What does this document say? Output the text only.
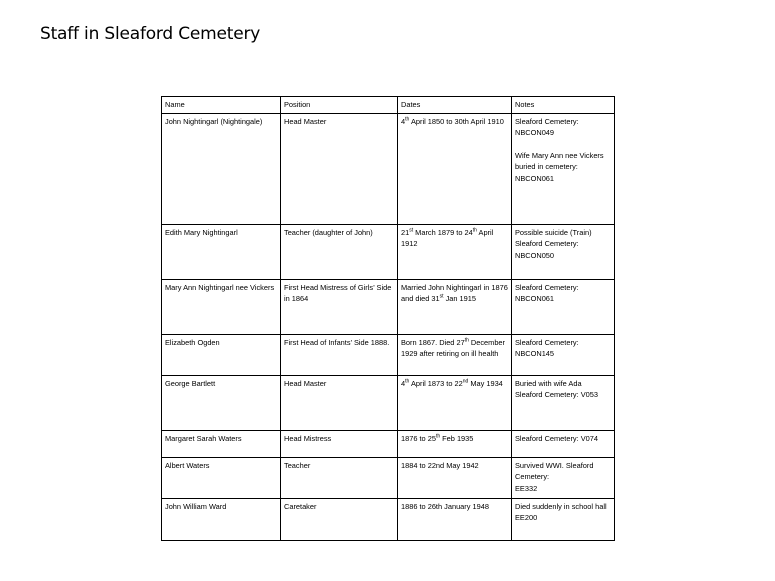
Staff in Sleaford Cemetery
Name	Position	Dates	Notes
John Nightingarl (Nightingale)	Head Master	4th April 1850 to 30th April 1910	Sleaford Cemetery: NBCON049
Wife Mary Ann nee Vickers buried in cemetery: NBCON061
Edith Mary Nightingarl	Teacher (daughter of John)	21st March 1879 to 24th April 1912	Possible suicide (Train) Sleaford Cemetery: NBCON050
Mary Ann Nightingarl nee Vickers	First Head Mistress of Girls’ Side in 1864	Married John Nightingarl in 1876 and died 31st Jan 1915	Sleaford Cemetery: NBCON061
Elizabeth Ogden	First Head of Infants’ Side 1888.	Born 1867. Died 27th December 1929 after retiring on ill health	Sleaford Cemetery: NBCON145
George Bartlett	Head Master	4th April 1873 to 22nd May 1934	Buried with wife Ada Sleaford Cemetery: V053
Margaret Sarah Waters	Head Mistress	1876 to 25th Feb 1935	Sleaford Cemetery: V074
Albert Waters	Teacher	1884 to 22nd May 1942	Survived WWI. Sleaford Cemetery:
EE332
John William Ward	Caretaker	1886 to 26th January 1948	Died suddenly in school hall
EE200
